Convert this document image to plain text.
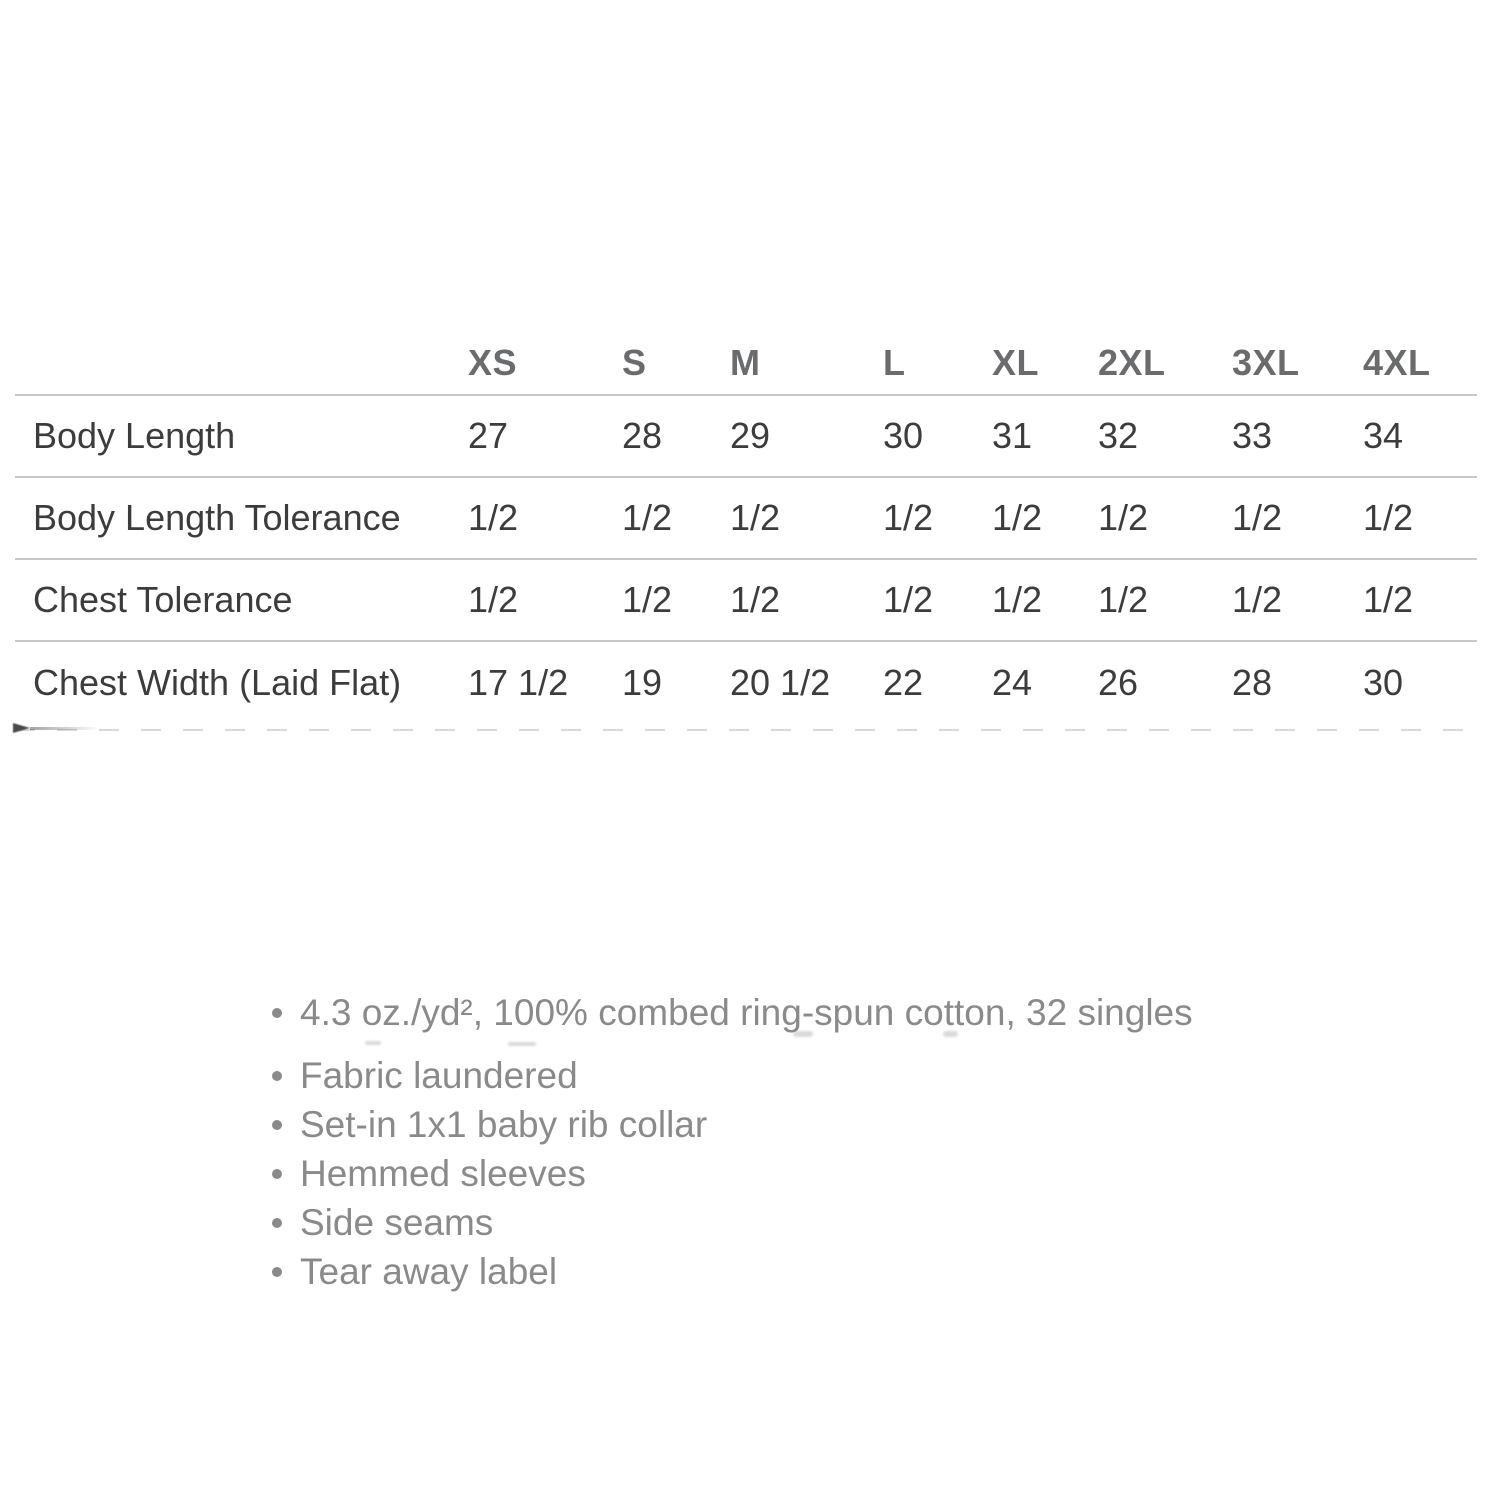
	XS	S	M	L	XL	2XL	3XL	4XL
Body Length	27	28	29	30	31	32	33	34
Body Length Tolerance	1/2	1/2	1/2	1/2	1/2	1/2	1/2	1/2
Chest Tolerance	1/2	1/2	1/2	1/2	1/2	1/2	1/2	1/2
Chest Width (Laid Flat)	17 1/2	19	20 1/2	22	24	26	28	30
4.3 oz./yd², 100% combed ring-spun cotton, 32 singles
Fabric laundered
Set-in 1x1 baby rib collar
Hemmed sleeves
Side seams
Tear away label
